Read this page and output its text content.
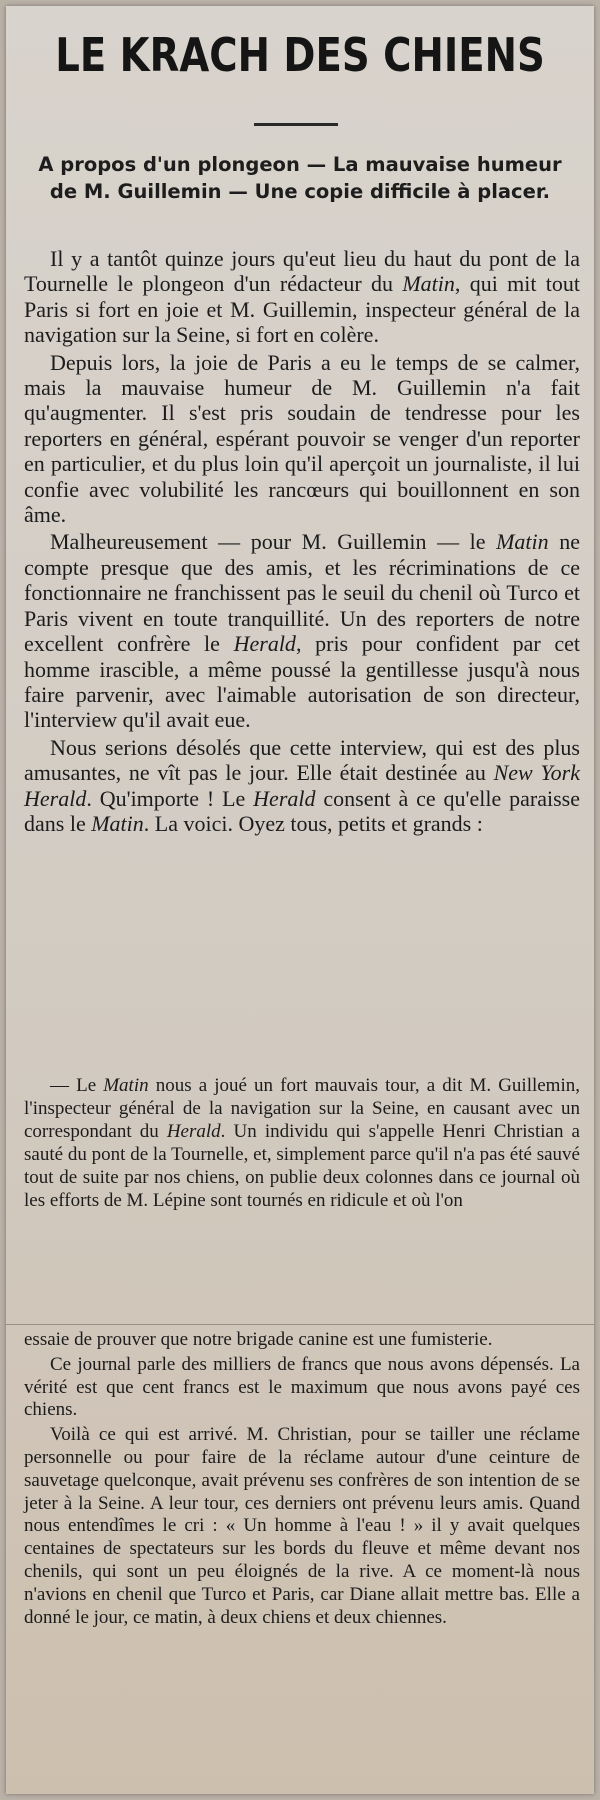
LE KRACH DES CHIENS
A propos d'un plongeon — La mauvaise humeur de M. Guillemin — Une copie difficile à placer.

Il y a tantôt quinze jours qu'eut lieu du haut du pont de la Tournelle le plongeon d'un rédacteur du Matin, qui mit tout Paris si fort en joie et M. Guillemin, inspecteur général de la navigation sur la Seine, si fort en colère.

Depuis lors, la joie de Paris a eu le temps de se calmer, mais la mauvaise humeur de M. Guillemin n'a fait qu'augmenter. Il s'est pris soudain de tendresse pour les reporters en général, espérant pouvoir se venger d'un reporter en particulier, et du plus loin qu'il aperçoit un journaliste, il lui confie avec volubilité les rancœurs qui bouillonnent en son âme.

Malheureusement — pour M. Guillemin — le Matin ne compte presque que des amis, et les récriminations de ce fonctionnaire ne franchissent pas le seuil du chenil où Turco et Paris vivent en toute tranquillité. Un des reporters de notre excellent confrère le Herald, pris pour confident par cet homme irascible, a même poussé la gentillesse jusqu'à nous faire parvenir, avec l'aimable autorisation de son directeur, l'interview qu'il avait eue.

Nous serions désolés que cette interview, qui est des plus amusantes, ne vît pas le jour. Elle était destinée au New York Herald. Qu'importe ! Le Herald consent à ce qu'elle paraisse dans le Matin. La voici. Oyez tous, petits et grands :

— Le Matin nous a joué un fort mauvais tour, a dit M. Guillemin, l'inspecteur général de la navigation sur la Seine, en causant avec un correspondant du Herald. Un individu qui s'appelle Henri Christian a sauté du pont de la Tournelle, et, simplement parce qu'il n'a pas été sauvé tout de suite par nos chiens, on publie deux colonnes dans ce journal où les efforts de M. Lépine sont tournés en ridicule et où l'on

essaie de prouver que notre brigade canine est une fumisterie.

Ce journal parle des milliers de francs que nous avons dépensés. La vérité est que cent francs est le maximum que nous avons payé ces chiens.

Voilà ce qui est arrivé. M. Christian, pour se tailler une réclame personnelle ou pour faire de la réclame autour d'une ceinture de sauvetage quelconque, avait prévenu ses confrères de son intention de se jeter à la Seine. A leur tour, ces derniers ont prévenu leurs amis. Quand nous entendîmes le cri : « Un homme à l'eau ! » il y avait quelques centaines de spectateurs sur les bords du fleuve et même devant nos chenils, qui sont un peu éloignés de la rive. A ce moment-là nous n'avions en chenil que Turco et Paris, car Diane allait mettre bas. Elle a donné le jour, ce matin, à deux chiens et deux chiennes.
